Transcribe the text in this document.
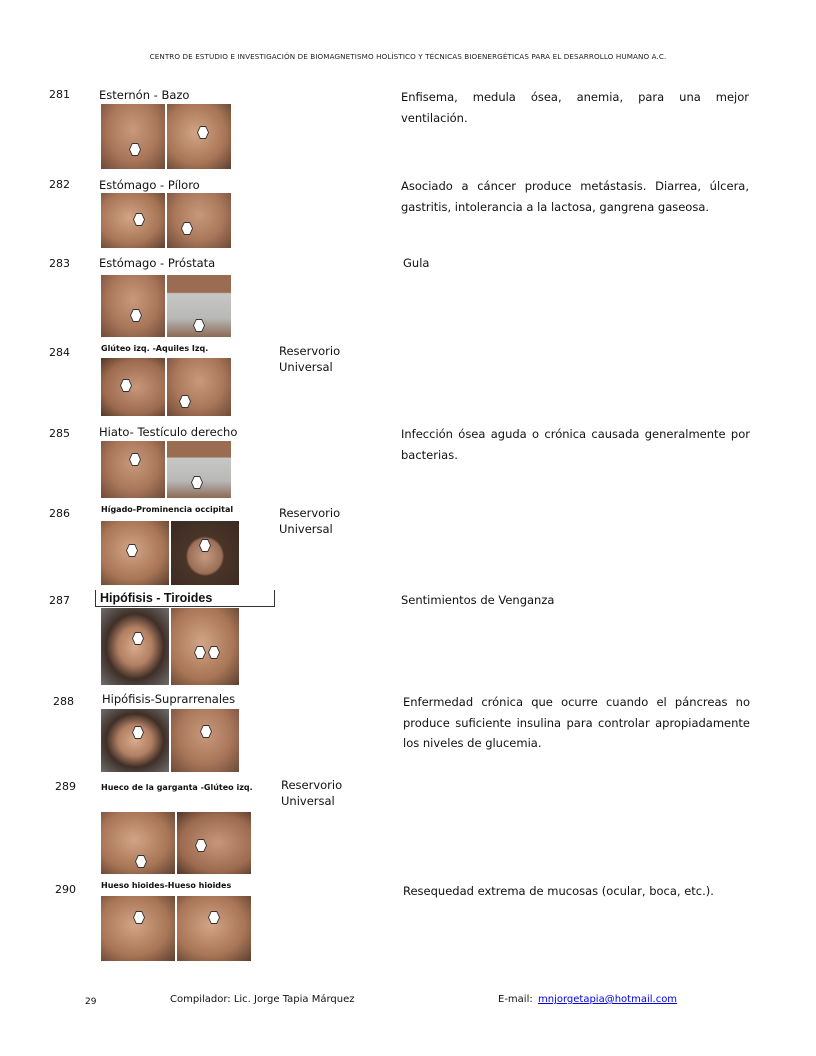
CENTRO DE ESTUDIO E INVESTIGACIÓN DE BIOMAGNETISMO HOLÍSTICO Y TÉCNICAS BIOENERGÉTICAS PARA EL DESARROLLO HUMANO A.C.
281	Esternón - Bazo	Enfisema, medula ósea, anemia, para una mejor ventilación.
282	Estómago - Píloro	Asociado a cáncer produce metástasis. Diarrea, úlcera, gastritis, intolerancia a la lactosa, gangrena gaseosa.
283	Estómago - Próstata	Gula
284	Glúteo izq. -Aquiles Izq.	Reservorio Universal
285	Hiato- Testículo derecho	Infección ósea aguda o crónica causada generalmente por bacterias.
286	Hígado-Prominencia occipital	Reservorio Universal
287	Hipófisis - Tiroides	Sentimientos de Venganza
288 Hipófisis-Suprarrenales	Enfermedad crónica que ocurre cuando el páncreas no produce suficiente insulina para controlar apropiadamente los niveles de glucemia.
289	Hueco de la garganta -Glúteo izq.	Reservorio Universal
290	Hueso hioides-Hueso hioides	Resequedad extrema de mucosas (ocular, boca, etc.).
29	Compilador: Lic. Jorge Tapia Márquez	E-mail: mnjorgetapia@hotmail.com
